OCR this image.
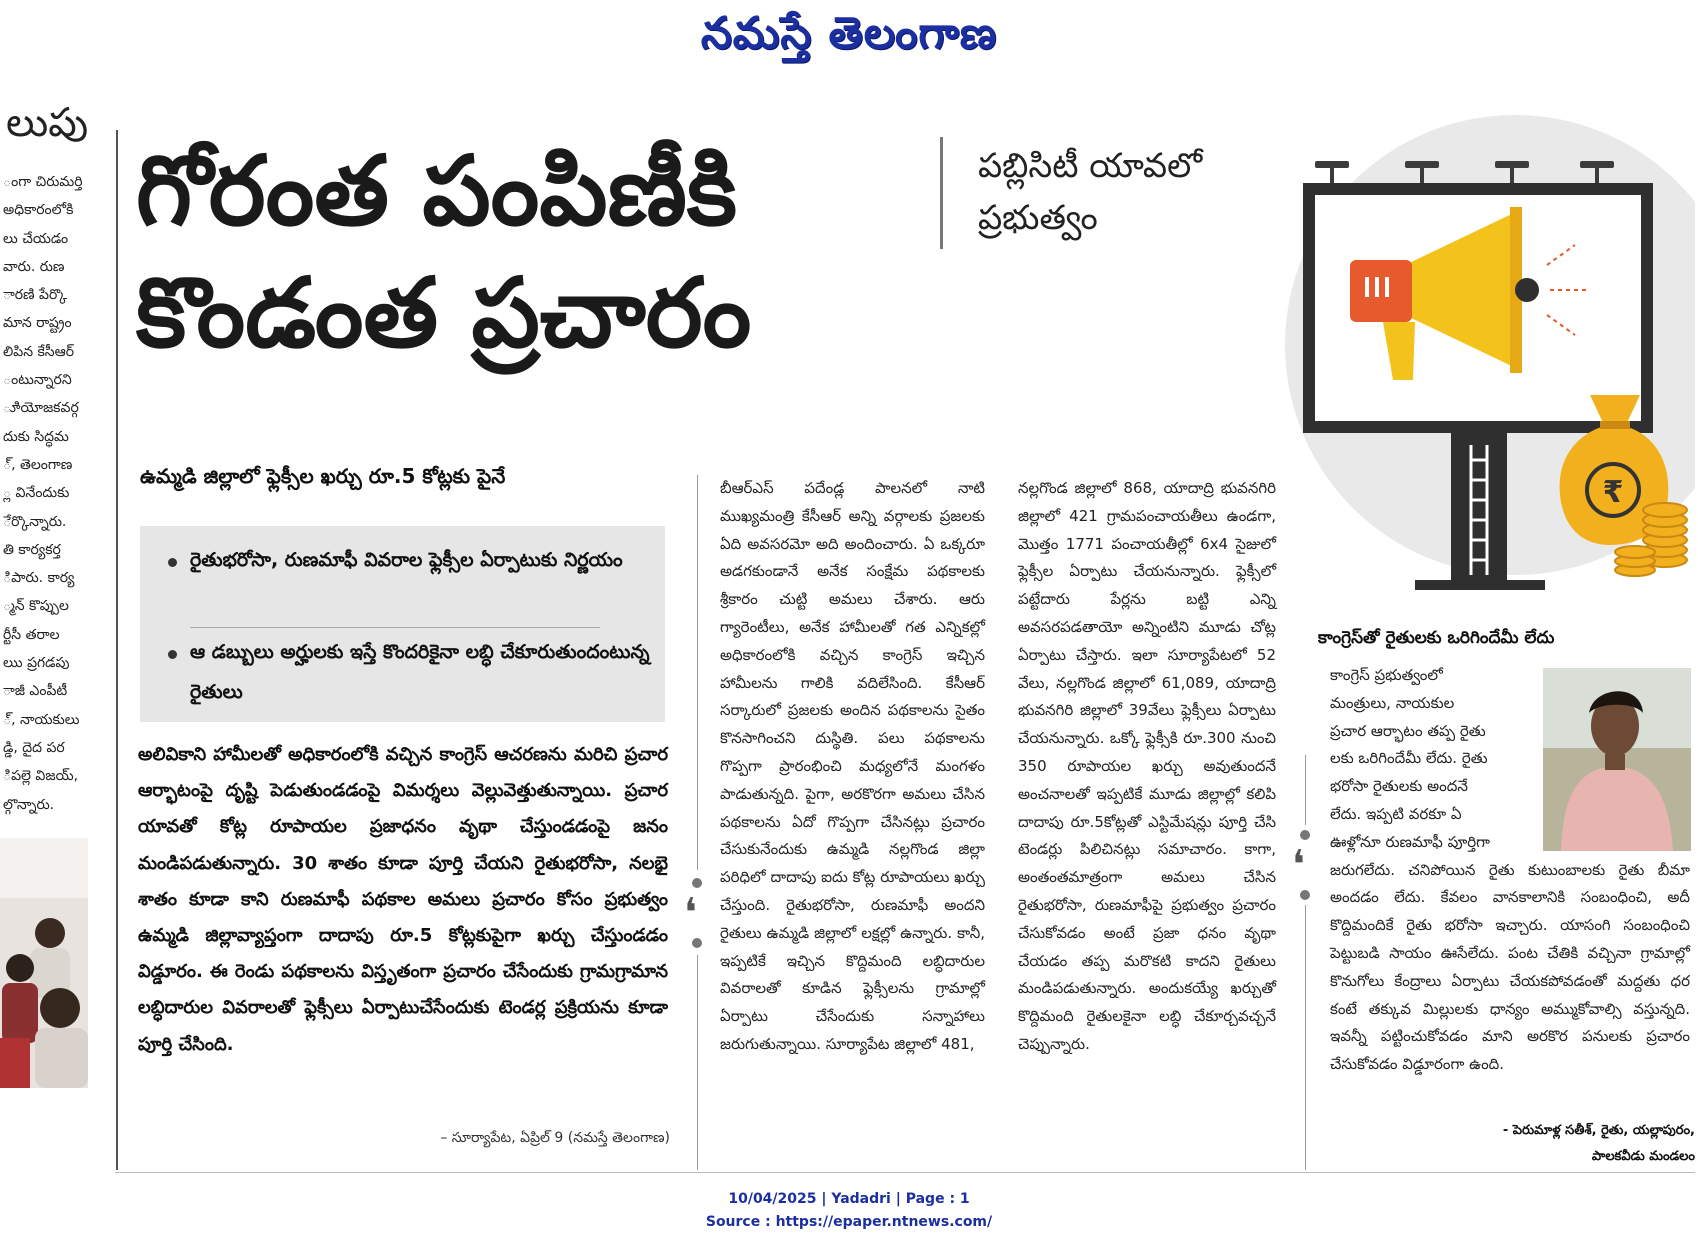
నమస్తే తెలంగాణ
లుపు
ంగా చిరుమర్తి
అధికారంలోకి
లు చేయడం
వారు. రుణ
ారణి పేర్కొ
మాన రాష్ట్రం
లిపిన కేసీఆర్
ంటున్నారని
ూియోజకవర్గ
దుకు సిద్ధమ
్, తెలంగాణ
్ల వినేందుకు
ేర్కొన్నారు.
తి కార్యకర్త
ిపారు. కార్య
్మన్ కొప్పుల
ర్టీసీ తరాల
లుు ప్రగడపు
ాజీ ఎంపీటీ
్, నాయకులు
డ్డి, దైద పర
ిపల్లె విజయ్,
ల్గొన్నారు.
గోరంత పంపిణీకి
కొండంత ప్రచారం
పబ్లిసిటీ యావలో ప్రభుత్వం
₹
ఉమ్మడి జిల్లాలో ఫ్లెక్సీల ఖర్చు రూ.5 కోట్లకు పైనే
రైతుభరోసా, రుణమాఫీ వివరాల ఫ్లెక్సీల ఏర్పాటుకు నిర్ణయం
ఆ డబ్బులు అర్హులకు ఇస్తే కొందరికైనా లబ్ధి చేకూరుతుందంటున్న రైతులు
అలివికాని హామీలతో అధికారంలోకి వచ్చిన కాంగ్రెస్ ఆచరణను మరిచి ప్రచార ఆర్భాటంపై దృష్టి పెడుతుండడంపై విమర్శలు వెల్లువెత్తుతున్నాయి. ప్రచార యావతో కోట్ల రూపాయల ప్రజాధనం వృథా చేస్తుండడంపై జనం మండిపడుతున్నారు. 30 శాతం కూడా పూర్తి చేయని రైతుభరోసా, నలభై శాతం కూడా కాని రుణమాఫీ పథకాల అమలు ప్రచారం కోసం ప్రభుత్వం ఉమ్మడి జిల్లావ్యాప్తంగా దాదాపు రూ.5 కోట్లకుపైగా ఖర్చు చేస్తుండడం విడ్డూరం. ఈ రెండు పథకాలను విస్తృతంగా ప్రచారం చేసేందుకు గ్రామగ్రామాన లబ్ధిదారుల వివరాలతో ఫ్లెక్సీలు ఏర్పాటుచేసేందుకు టెండర్ల ప్రక్రియను కూడా పూర్తి చేసింది.
– సూర్యాపేట, ఏప్రిల్ 9 (నమస్తే తెలంగాణ)
బీఆర్ఎస్ పదేండ్ల పాలనలో నాటి ముఖ్యమంత్రి కేసీఆర్ అన్ని వర్గాలకు ప్రజలకు ఏది అవసరమో అది అందించారు. ఏ ఒక్కరూ అడగకుండానే అనేక సంక్షేమ పథకాలకు శ్రీకారం చుట్టి అమలు చేశారు. ఆరు గ్యారెంటీలు, అనేక హామీలతో గత ఎన్నికల్లో అధికారంలోకి వచ్చిన కాంగ్రెస్ ఇచ్చిన హామీలను గాలికి వదిలేసింది. కేసీఆర్ సర్కారులో ప్రజలకు అందిన పథకాలను సైతం కొనసాగించని దుస్థితి. పలు పథకాలను గొప్పగా ప్రారంభించి మధ్యలోనే మంగళం పాడుతున్నది. పైగా, అరకొరగా అమలు చేసిన పథకాలను ఏదో గొప్పగా చేసినట్లు ప్రచారం చేసుకునేందుకు ఉమ్మడి నల్లగొండ జిల్లా పరిధిలో దాదాపు ఐదు కోట్ల రూపాయలు ఖర్చు చేస్తుంది. రైతుభరోసా, రుణమాఫీ అందని రైతులు ఉమ్మడి జిల్లాలో లక్షల్లో ఉన్నారు. కానీ, ఇప్పటికే ఇచ్చిన కొద్దిమంది లబ్ధిదారుల వివరాలతో కూడిన ఫ్లెక్సీలను గ్రామాల్లో ఏర్పాటు చేసేందుకు సన్నాహాలు జరుగుతున్నాయి. సూర్యాపేట జిల్లాలో 481,
❛
నల్లగొండ జిల్లాలో 868, యాదాద్రి భువనగిరి జిల్లాలో 421 గ్రామపంచాయతీలు ఉండగా, మొత్తం 1771 పంచాయతీల్లో 6x4 సైజులో ఫ్లెక్సీల ఏర్పాటు చేయనున్నారు. ఫ్లెక్సీలో పట్టేదారు పేర్లను బట్టి ఎన్ని అవసరపడతాయో అన్నింటిని మూడు చోట్ల ఏర్పాటు చేస్తారు. ఇలా సూర్యాపేటలో 52 వేలు, నల్లగొండ జిల్లాలో 61,089, యాదాద్రి భువనగిరి జిల్లాలో 39వేలు ఫ్లెక్సీలు ఏర్పాటు చేయనున్నారు. ఒక్కో ఫ్లెక్సీకి రూ.300 నుంచి 350 రూపాయల ఖర్చు అవుతుందనే అంచనాలతో ఇప్పటికే మూడు జిల్లాల్లో కలిపి దాదాపు రూ.5కోట్లతో ఎస్టిమేషన్లు పూర్తి చేసి టెండర్లు పిలిచినట్లు సమాచారం. కాగా, అంతంతమాత్రంగా అమలు చేసిన రైతుభరోసా, రుణమాఫీపై ప్రభుత్వం ప్రచారం చేసుకోవడం అంటే ప్రజా ధనం వృథా చేయడం తప్ప మరొకటి కాదని రైతులు మండిపడుతున్నారు. అందుకయ్యే ఖర్చుతో కొద్దిమంది రైతులకైనా లబ్ధి చేకూర్చవచ్చనే చెప్పున్నారు.
❛
కాంగ్రెస్‌తో రైతులకు ఒరిగిందేమీ లేదు
కాంగ్రెస్ ప్రభుత్వంలో
మంత్రులు, నాయకుల
ప్రచార ఆర్భాటం తప్ప రైతు
లకు ఒరిగిందేమీ లేదు. రైతు
భరోసా రైతులకు అందనే
లేదు. ఇప్పటి వరకూ ఏ
ఊళ్లోనూ రుణమాఫీ పూర్తిగా
జరుగలేదు. చనిపోయిన రైతు కుటుంబాలకు రైతు బీమా అందడం లేదు. కేవలం వానకాలానికి సంబంధించి, అదీ కొద్దిమందికే రైతు భరోసా ఇచ్చారు. యాసంగి సంబంధించి పెట్టుబడి సాయం ఊసేలేదు. పంట చేతికి వచ్చినా గ్రామాల్లో కొనుగోలు కేంద్రాలు ఏర్పాటు చేయకపోవడంతో మద్దతు ధర కంటే తక్కువ మిల్లులకు ధాన్యం అమ్ముకోవాల్సి వస్తున్నది. ఇవన్నీ పట్టించుకోవడం మాని అరకొర పనులకు ప్రచారం చేసుకోవడం విడ్డూరంగా ఉంది.
- పెరుమాళ్ల సతీశ్, రైతు, యల్లాపురం,
పాలకవీడు మండలం
10/04/2025 | Yadadri | Page : 1
Source : https://epaper.ntnews.com/
